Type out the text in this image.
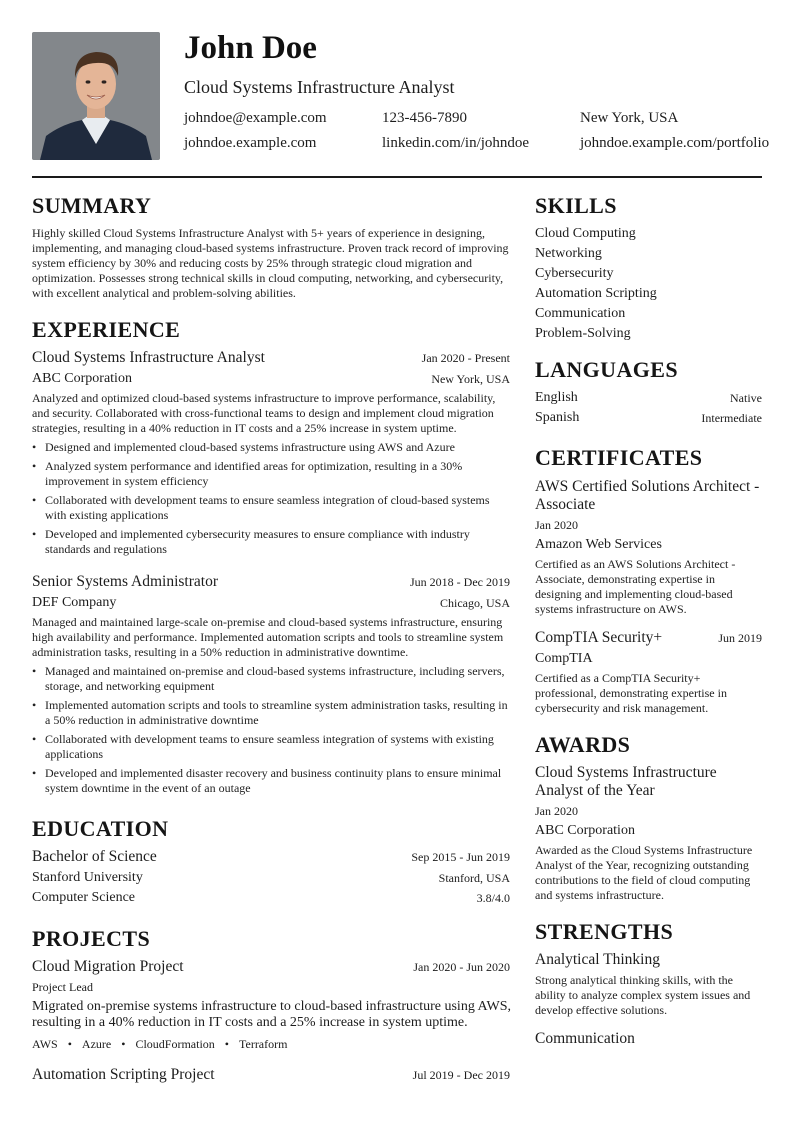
John Doe
Cloud Systems Infrastructure Analyst
johndoe@example.com	123-456-7890	New York, USA
johndoe.example.com	linkedin.com/in/johndoe	johndoe.example.com/portfolio
SUMMARY
Highly skilled Cloud Systems Infrastructure Analyst with 5+ years of experience in designing, implementing, and managing cloud-based systems infrastructure. Proven track record of improving system efficiency by 30% and reducing costs by 25% through strategic cloud migration and optimization. Possesses strong technical skills in cloud computing, networking, and cybersecurity, with excellent analytical and problem-solving abilities.
EXPERIENCE
Cloud Systems Infrastructure Analyst	Jan 2020 - Present
ABC Corporation	New York, USA
Analyzed and optimized cloud-based systems infrastructure to improve performance, scalability, and security. Collaborated with cross-functional teams to design and implement cloud migration strategies, resulting in a 40% reduction in IT costs and a 25% increase in system uptime.
• Designed and implemented cloud-based systems infrastructure using AWS and Azure
• Analyzed system performance and identified areas for optimization, resulting in a 30% improvement in system efficiency
• Collaborated with development teams to ensure seamless integration of cloud-based systems with existing applications
• Developed and implemented cybersecurity measures to ensure compliance with industry standards and regulations
Senior Systems Administrator	Jun 2018 - Dec 2019
DEF Company	Chicago, USA
Managed and maintained large-scale on-premise and cloud-based systems infrastructure, ensuring high availability and performance. Implemented automation scripts and tools to streamline system administration tasks, resulting in a 50% reduction in administrative downtime.
• Managed and maintained on-premise and cloud-based systems infrastructure, including servers, storage, and networking equipment
• Implemented automation scripts and tools to streamline system administration tasks, resulting in a 50% reduction in administrative downtime
• Collaborated with development teams to ensure seamless integration of systems with existing applications
• Developed and implemented disaster recovery and business continuity plans to ensure minimal system downtime in the event of an outage
EDUCATION
Bachelor of Science	Sep 2015 - Jun 2019
Stanford University	Stanford, USA
Computer Science	3.8/4.0
PROJECTS
Cloud Migration Project	Jan 2020 - Jun 2020
Project Lead
Migrated on-premise systems infrastructure to cloud-based infrastructure using AWS, resulting in a 40% reduction in IT costs and a 25% increase in system uptime.
AWS • Azure • CloudFormation • Terraform
Automation Scripting Project	Jul 2019 - Dec 2019
SKILLS
Cloud Computing
Networking
Cybersecurity
Automation Scripting
Communication
Problem-Solving
LANGUAGES
English	Native
Spanish	Intermediate
CERTIFICATES
AWS Certified Solutions Architect - Associate
Jan 2020
Amazon Web Services
Certified as an AWS Solutions Architect - Associate, demonstrating expertise in designing and implementing cloud-based systems infrastructure on AWS.
CompTIA Security+	Jun 2019
CompTIA
Certified as a CompTIA Security+ professional, demonstrating expertise in cybersecurity and risk management.
AWARDS
Cloud Systems Infrastructure Analyst of the Year
Jan 2020
ABC Corporation
Awarded as the Cloud Systems Infrastructure Analyst of the Year, recognizing outstanding contributions to the field of cloud computing and systems infrastructure.
STRENGTHS
Analytical Thinking
Strong analytical thinking skills, with the ability to analyze complex system issues and develop effective solutions.
Communication
